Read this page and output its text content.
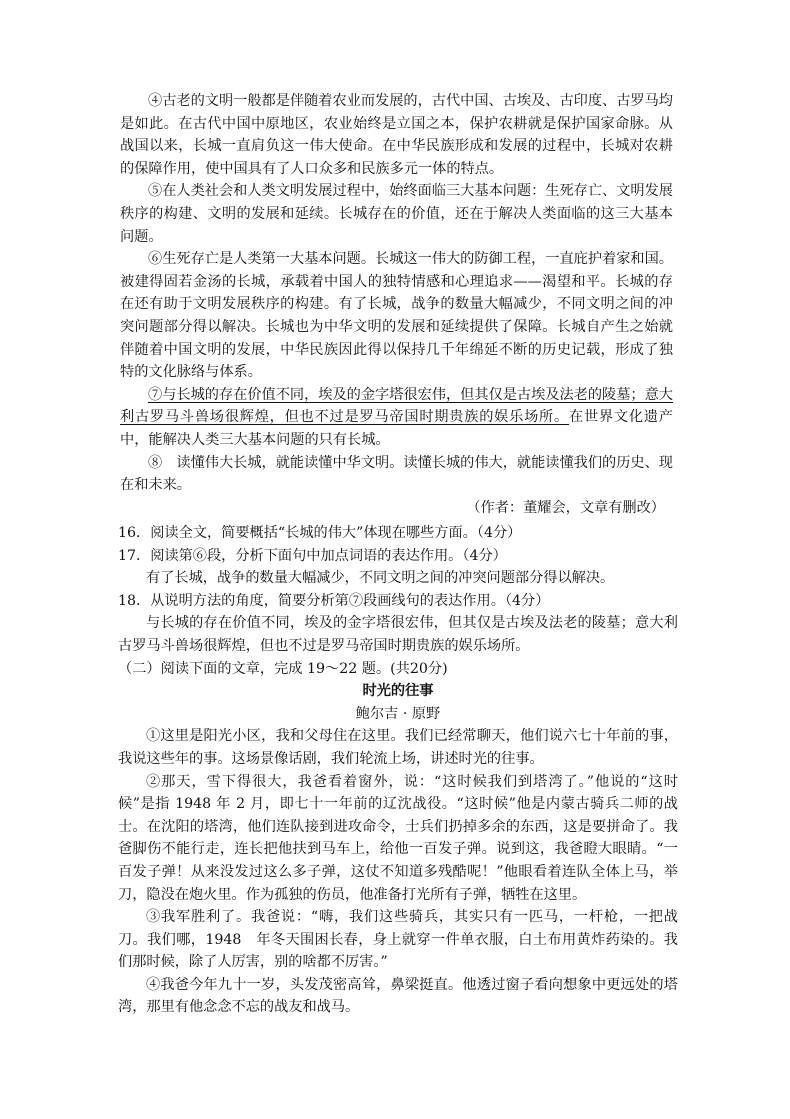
④古老的文明一般都是伴随着农业而发展的，古代中国、古埃及、古印度、古罗马均是如此。在古代中国中原地区，农业始终是立国之本，保护农耕就是保护国家命脉。从战国以来，长城一直肩负这一伟大使命。在中华民族形成和发展的过程中，长城对农耕的保障作用，使中国具有了人口众多和民族多元一体的特点。

⑤在人类社会和人类文明发展过程中，始终面临三大基本问题：生死存亡、文明发展秩序的构建、文明的发展和延续。长城存在的价值，还在于解决人类面临的这三大基本问题。

⑥生死存亡是人类第一大基本问题。长城这一伟大的防御工程，一直庇护着家和国。被建得固若金汤的长城，承载着中国人的独特情感和心理追求——渴望和平。长城的存在还有助于文明发展秩序的构建。有了长城，战争的数量大幅减少，不同文明之间的冲突问题部分得以解决。长城也为中华文明的发展和延续提供了保障。长城自产生之始就伴随着中国文明的发展，中华民族因此得以保持几千年绵延不断的历史记载，形成了独特的文化脉络与体系。

⑦与长城的存在价值不同，埃及的金字塔很宏伟，但其仅是古埃及法老的陵墓；意大利古罗马斗兽场很辉煌，但也不过是罗马帝国时期贵族的娱乐场所。在世界文化遗产中，能解决人类三大基本问题的只有长城。

⑧　读懂伟大长城，就能读懂中华文明。读懂长城的伟大，就能读懂我们的历史、现在和未来。

（作者：董耀会，文章有删改）

16．阅读全文，简要概括“长城的伟大”体现在哪些方面。（4分）

17．阅读第⑥段，分析下面句中加点词语的表达作用。（4分）

有了长城，战争的数量大幅减少，不同文明之间的冲突问题部分得以解决。

18．从说明方法的角度，简要分析第⑦段画线句的表达作用。（4分）

与长城的存在价值不同，埃及的金字塔很宏伟，但其仅是古埃及法老的陵墓；意大利古罗马斗兽场很辉煌，但也不过是罗马帝国时期贵族的娱乐场所。

（二）阅读下面的文章，完成 19～22 题。(共20分)

时光的往事

鲍尔吉 · 原野

①这里是阳光小区，我和父母住在这里。我们已经常聊天，他们说六七十年前的事，我说这些年的事。这场景像话剧，我们轮流上场，讲述时光的往事。

②那天，雪下得很大，我爸看着窗外，说：“这时候我们到塔湾了。”他说的“这时候”是指 1948 年 2 月，即七十一年前的辽沈战役。“这时候”他是内蒙古骑兵二师的战士。在沈阳的塔湾，他们连队接到进攻命令，士兵们扔掉多余的东西，这是要拼命了。我爸脚伤不能行走，连长把他扶到马车上，给他一百发子弹。说到这，我爸瞪大眼睛。“一百发子弹！从来没发过这么多子弹，这仗不知道多残酷呢！”他眼看着连队全体上马，举刀，隐没在炮火里。作为孤独的伤员，他准备打光所有子弹，牺牲在这里。

③我军胜利了。我爸说：“嗨，我们这些骑兵，其实只有一匹马，一杆枪，一把战刀。我们哪，1948　年冬天围困长春，身上就穿一件单衣服，白土布用黄炸药染的。我们那时候，除了人厉害，别的啥都不厉害。”

④我爸今年九十一岁，头发茂密高耸，鼻梁挺直。他透过窗子看向想象中更远处的塔湾，那里有他念念不忘的战友和战马。
